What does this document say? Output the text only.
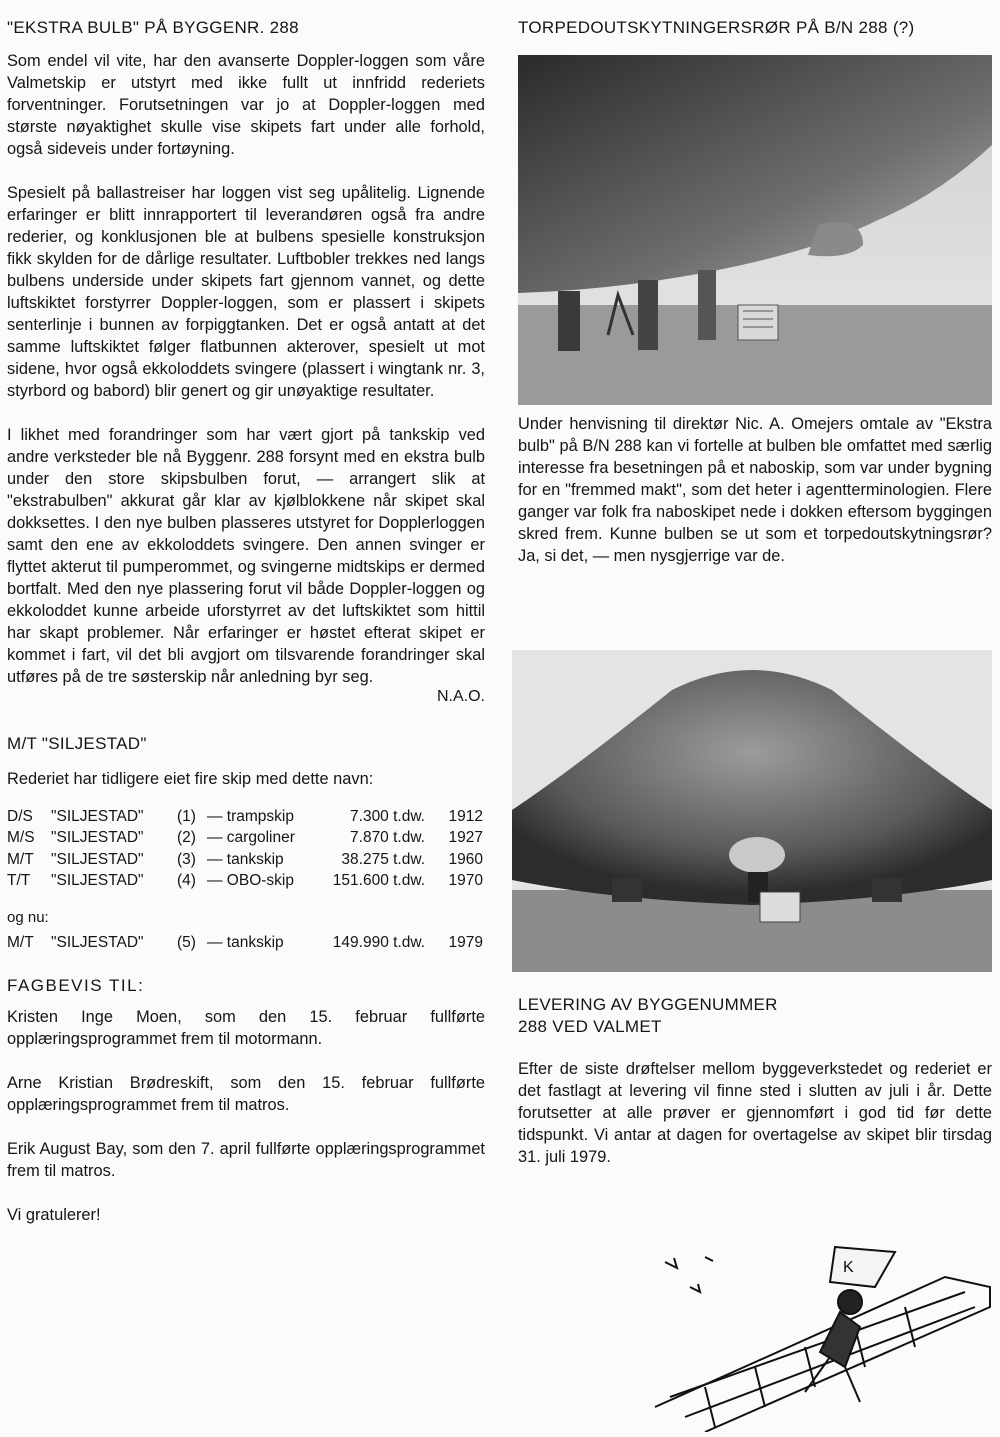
"EKSTRA BULB" PÅ BYGGENR. 288

Som endel vil vite, har den avanserte Doppler-loggen som våre Valmetskip er utstyrt med ikke fullt ut innfridd rederiets forventninger. Forutsetningen var jo at Doppler-loggen med største nøyaktighet skulle vise skipets fart under alle forhold, også sideveis under fortøyning.

Spesielt på ballastreiser har loggen vist seg upålitelig. Lignende erfaringer er blitt innrapportert til leverandøren også fra andre rederier, og konklusjonen ble at bulbens spesielle konstruksjon fikk skylden for de dårlige resultater. Luftbobler trekkes ned langs bulbens underside under skipets fart gjennom vannet, og dette luftskiktet forstyrrer Doppler-loggen, som er plassert i skipets senterlinje i bunnen av forpiggtanken. Det er også antatt at det samme luftskiktet følger flatbunnen akterover, spesielt ut mot sidene, hvor også ekkoloddets svingere (plassert i wingtank nr. 3, styrbord og babord) blir genert og gir unøyaktige resultater.

I likhet med forandringer som har vært gjort på tankskip ved andre verksteder ble nå Byggenr. 288 forsynt med en ekstra bulb under den store skipsbulben forut, — arrangert slik at "ekstrabulben" akkurat går klar av kjølblokkene når skipet skal dokksettes. I den nye bulben plasseres utstyret for Dopplerloggen samt den ene av ekkoloddets svingere. Den annen svinger er flyttet akterut til pumperommet, og svingerne midtskips er dermed bortfalt. Med den nye plassering forut vil både Doppler-loggen og ekkoloddet kunne arbeide uforstyrret av det luftskiktet som hittil har skapt problemer. Når erfaringer er høstet efterat skipet er kommet i fart, vil det bli avgjort om tilsvarende forandringer skal utføres på de tre søsterskip når anledning byr seg.

N.A.O.
M/T "SILJESTAD"

Rederiet har tidligere eiet fire skip med dette navn:

D/S	"SILJESTAD"	(1)	— trampskip	7.300 t.dw.	1912
M/S	"SILJESTAD"	(2)	— cargoliner	7.870 t.dw.	1927
M/T	"SILJESTAD"	(3)	— tankskip	38.275 t.dw.	1960
T/T	"SILJESTAD"	(4)	— OBO-skip	151.600 t.dw.	1970
og nu:
M/T	"SILJESTAD"	(5)	— tankskip	149.990 t.dw.	1979
FAGBEVIS TIL:

Kristen Inge Moen, som den 15. februar fullførte opplæringsprogrammet frem til motormann.

Arne Kristian Brødreskift, som den 15. februar fullførte opplæringsprogrammet frem til matros.

Erik August Bay, som den 7. april fullførte opplæringsprogrammet frem til matros.

Vi gratulerer!

TORPEDOUTSKYTNINGERSRØR PÅ B/N 288 (?)

Under henvisning til direktør Nic. A. Omejers omtale av "Ekstra bulb" på B/N 288 kan vi fortelle at bulben ble omfattet med særlig interesse fra besetningen på et naboskip, som var under bygning for en "fremmed makt", som det heter i agentterminologien. Flere ganger var folk fra naboskipet nede i dokken eftersom byggingen skred frem. Kunne bulben se ut som et torpedoutskytningsrør? Ja, si det, — men nysgjerrige var de.

LEVERING AV BYGGENUMMER
288 VED VALMET

Efter de siste drøftelser mellom byggeverkstedet og rederiet er det fastlagt at levering vil finne sted i slutten av juli i år. Dette forutsetter at alle prøver er gjennomført i god tid før dette tidspunkt. Vi antar at dagen for overtagelse av skipet blir tirsdag 31. juli 1979.

K
